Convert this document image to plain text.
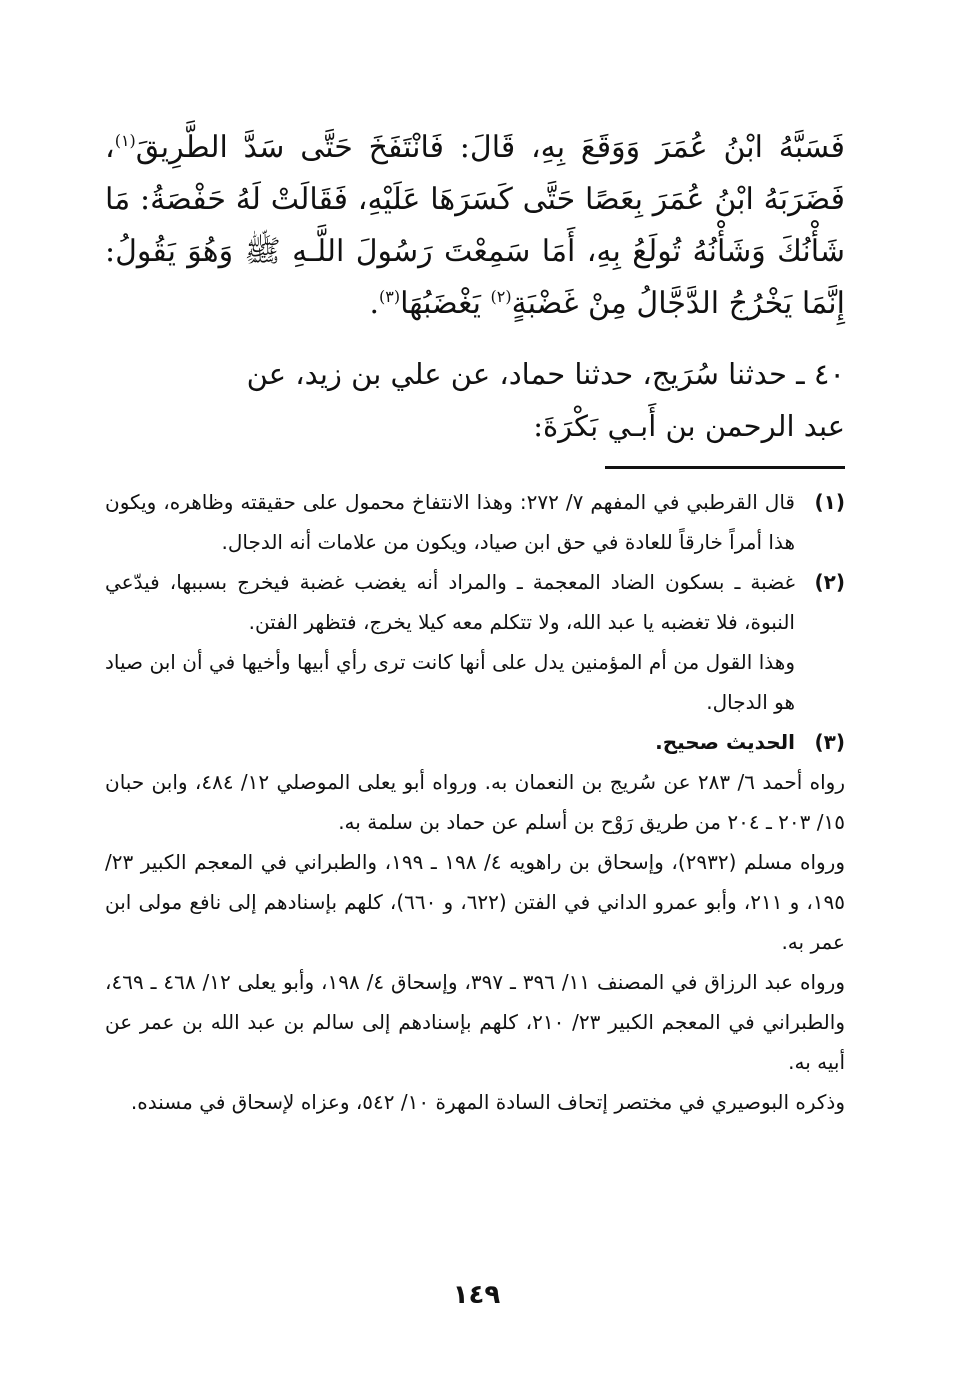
فَسَبَّهُ ابْنُ عُمَرَ وَوَقَعَ بِهِ، قَالَ: فَانْتَفَخَ حَتَّى سَدَّ الطَّرِيقَ$^{(١)}$، فَضَرَبَهُ ابْنُ عُمَرَ بِعَصًا حَتَّى كَسَرَهَا عَلَيْهِ، فَقَالَتْ لَهُ حَفْصَةُ: مَا شَأْنُكَ وَشَأْنُهُ تُولَعُ بِهِ، أَمَا سَمِعْتَ رَسُولَ اللَّـهِ ﷺ وَهُوَ يَقُولُ: إِنَّمَا يَخْرُجُ الدَّجَّالُ مِنْ غَضْبَةٍ$^{(٢)}$ يَغْضَبُهَا$^{(٣)}$.

٤٠ ـ حدثنا سُرَيج، حدثنا حماد، عن علي بن زيد، عن

عبد الرحمن بن أَبـي بَكْرَةَ:

(١)

قال القرطبي في المفهم ٧/ ٢٧٢: وهذا الانتفاخ محمول على حقيقته وظاهره، ويكون هذا أمراً خارقاً للعادة في حق ابن صياد، ويكون من علامات أنه الدجال.

(٢)

غضبة ـ بسكون الضاد المعجمة ـ والمراد أنه يغضب غضبة فيخرج بسببها، فيدّعي النبوة، فلا تغضبه يا عبد الله، ولا تتكلم معه كيلا يخرج، فتظهر الفتن.

وهذا القول من أم المؤمنين يدل على أنها كانت ترى رأي أبيها وأخيها في أن ابن صياد هو الدجال.

(٣)

الحديث صحيح.

رواه أحمد ٦/ ٢٨٣ عن سُريج بن النعمان به. ورواه أبو يعلى الموصلي ١٢/ ٤٨٤، وابن حبان ١٥/ ٢٠٣ ـ ٢٠٤ من طريق رَوْح بن أسلم عن حماد بن سلمة به.

ورواه مسلم (٢٩٣٢)، وإسحاق بن راهويه ٤/ ١٩٨ ـ ١٩٩، والطبراني في المعجم الكبير ٢٣/ ١٩٥، و ٢١١، وأبو عمرو الداني في الفتن (٦٢٢، و ٦٦٠)، كلهم بإسنادهم إلى نافع مولى ابن عمر به.

ورواه عبد الرزاق في المصنف ١١/ ٣٩٦ ـ ٣٩٧، وإسحاق ٤/ ١٩٨، وأبو يعلى ١٢/ ٤٦٨ ـ ٤٦٩، والطبراني في المعجم الكبير ٢٣/ ٢١٠، كلهم بإسنادهم إلى سالم بن عبد الله بن عمر عن أبيه به.

وذكره البوصيري في مختصر إتحاف السادة المهرة ١٠/ ٥٤٢، وعزاه لإسحاق في مسنده.

١٤٩
